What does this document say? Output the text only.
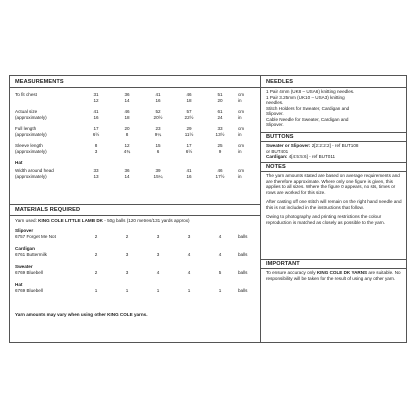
MEASUREMENTS
To fit chest	31	36	41	46	51	cm
12	14	16	18	20	in
Actual size
(approximately)
41	46	52	57	61	cm
16	18	20½	22½	24	in
Full length
(approximately)
17	20	23	29	33	cm
6½	8	9¼	11½	13½	in
Sleeve length
(approximately)
8	12	15	17	25	cm
3	4¾	6	6½	9	in
Hat
Width around head
(approximately)
33	36	39	41	46	cm
13	14	15¼	16	17½	in
MATERIALS REQUIRED
Yarn used: KING COLE LITTLE LAMB DK - 50g balls (120 metres/131 yards approx)
Slipover
6757 Forget Me Not	2	2	3	3	4	balls
Cardigan
6761 Buttermilk	2	3	3	4	4	balls
Sweater
6769 Bluebell	2	3	4	4	5	balls
Hat
6769 Bluebell	1	1	1	1	1	balls
Yarn amounts may vary when using other KING COLE yarns.
NEEDLES

1 Pair 4mm (UK8 – USA6) knitting needles.

1 Pair 3.25mm (UK10 – USA3) knitting

needles.

Stitch Holders for Sweater, Cardigan and

Slipover.

Cable Needle for Sweater, Cardigan and

Slipover.

BUTTONS

Sweater or Slipover: 2[2:2:2:2] - ref BUT108

or BUT401

Cardigan: 4[4:5:5:6] - ref BUT011

NOTES

The yarn amounts stated are based on average requirements and are therefore approximate. Where only one figure is given, this applies to all sizes. Where the figure 0 appears, no sts, times or rows are worked for this size.

After casting off one stitch will remain on the right hand needle and this is not included in the instructions that follow.

Owing to photography and printing restrictions the colour reproduction is matched as closely as possible to the yarn.

IMPORTANT

To ensure accuracy only KING COLE DK YARNS are suitable. No responsibility will be taken for the result of using any other yarn.
